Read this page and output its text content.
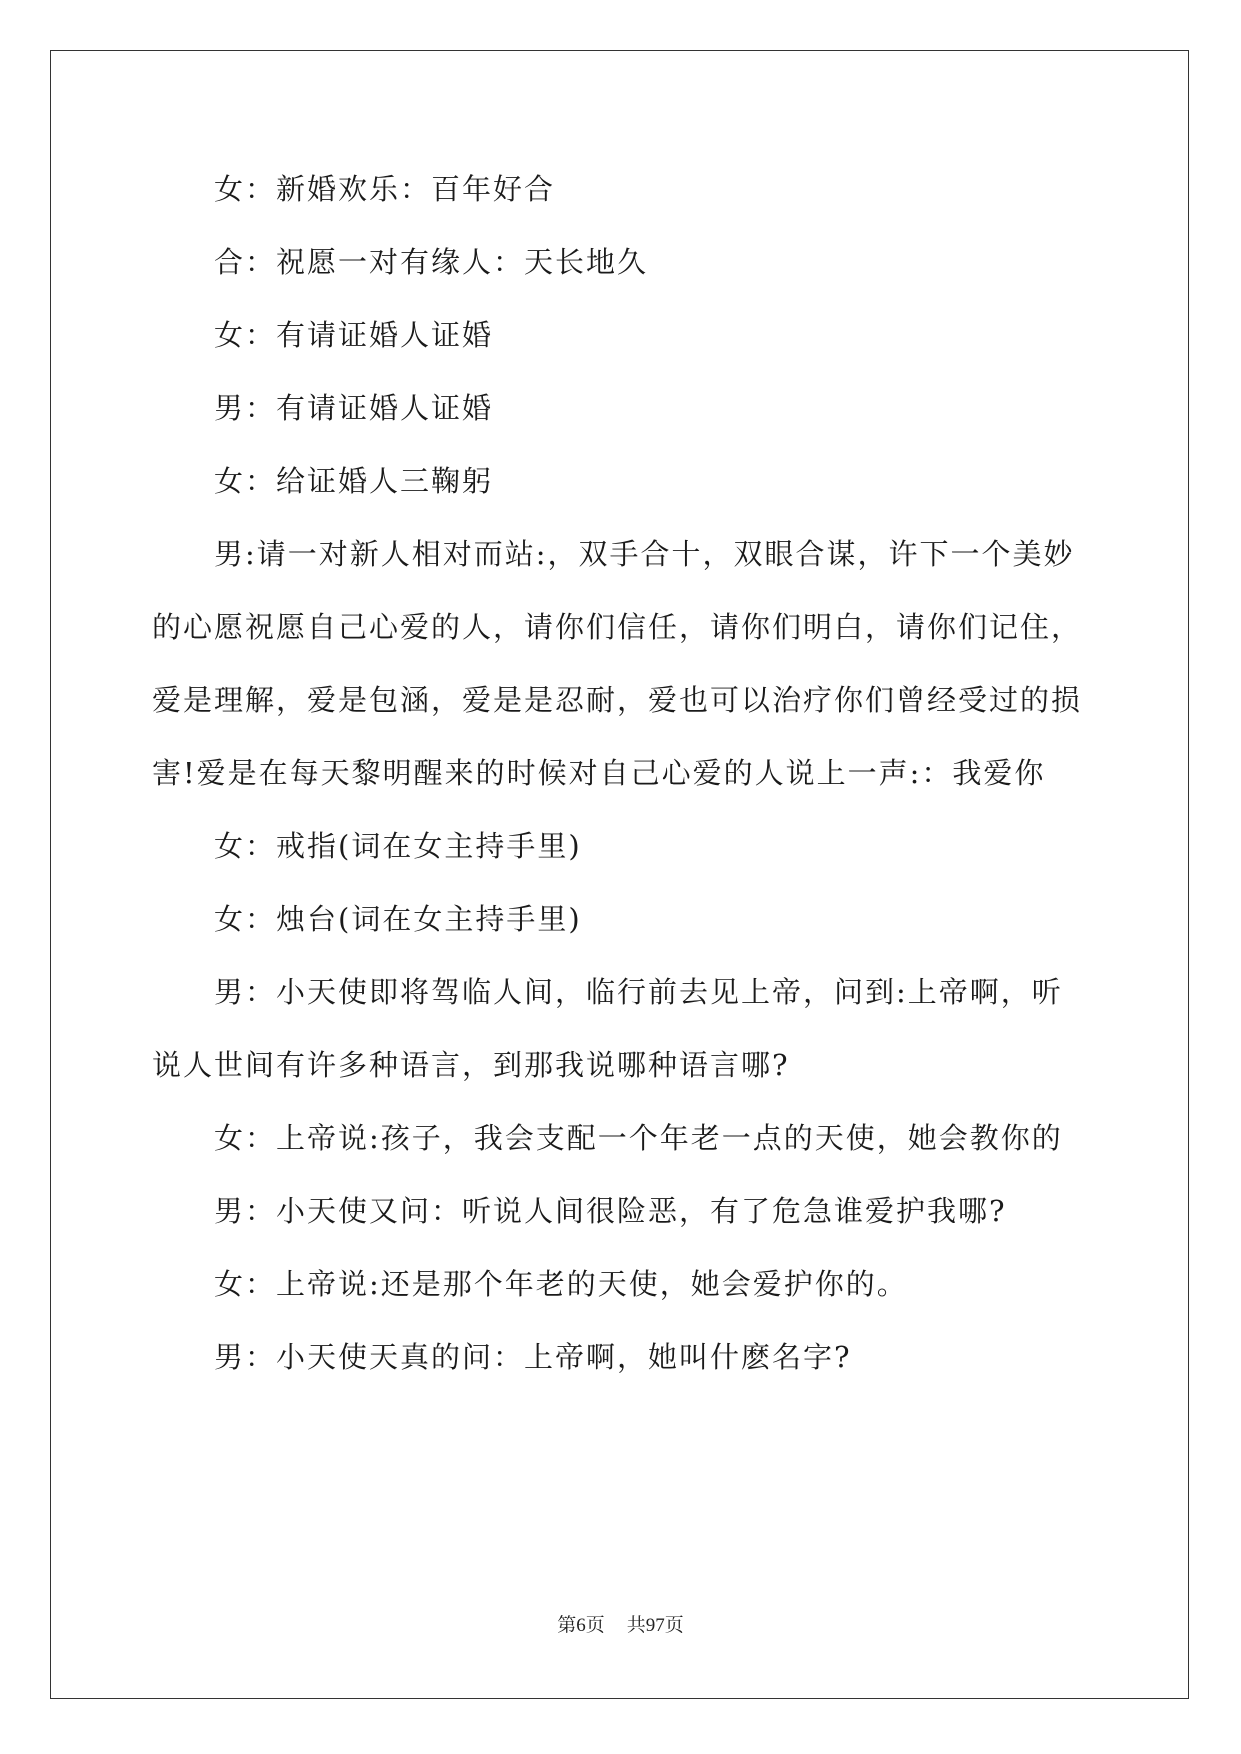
女：新婚欢乐：百年好合

合：祝愿一对有缘人：天长地久

女：有请证婚人证婚

男：有请证婚人证婚

女：给证婚人三鞠躬

男:请一对新人相对而站:，双手合十，双眼合谋，许下一个美妙

的心愿祝愿自己心爱的人，请你们信任，请你们明白，请你们记住，

爱是理解，爱是包涵，爱是是忍耐，爱也可以治疗你们曾经受过的损

害!爱是在每天黎明醒来的时候对自己心爱的人说上一声:：我爱你

女：戒指(词在女主持手里)

女：烛台(词在女主持手里)

男：小天使即将驾临人间，临行前去见上帝，问到:上帝啊，听

说人世间有许多种语言，到那我说哪种语言哪?

女：上帝说:孩子，我会支配一个年老一点的天使，她会教你的

男：小天使又问：听说人间很险恶，有了危急谁爱护我哪?

女：上帝说:还是那个年老的天使，她会爱护你的。

男：小天使天真的问：上帝啊，她叫什麽名字?

第6页 共97页
